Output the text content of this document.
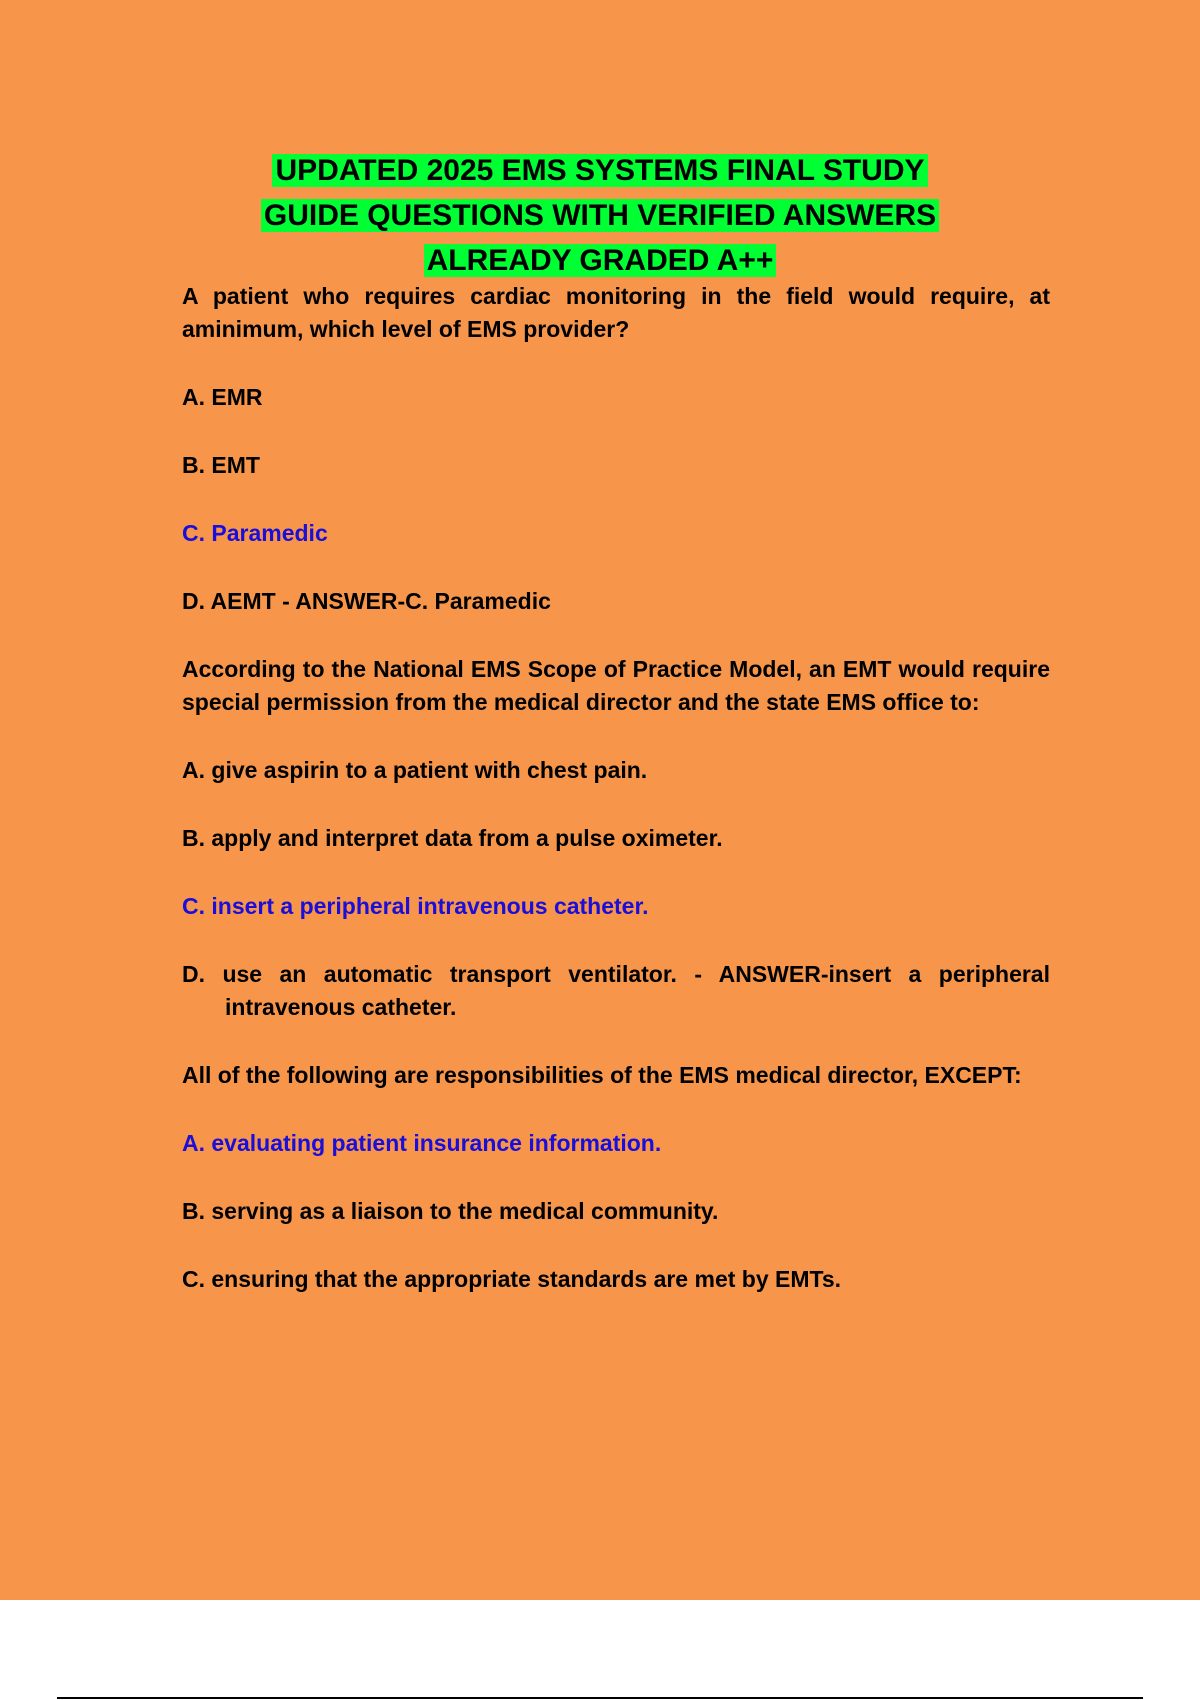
UPDATED 2025 EMS SYSTEMS FINAL STUDY
GUIDE QUESTIONS WITH VERIFIED ANSWERS
ALREADY GRADED A++
A patient who requires cardiac monitoring in the field would require, at aminimum, which level of EMS provider?
A. EMR
B. EMT
C. Paramedic
D. AEMT - ANSWER-C. Paramedic
According to the National EMS Scope of Practice Model, an EMT would require special permission from the medical director and the state EMS office to:
A. give aspirin to a patient with chest pain.
B. apply and interpret data from a pulse oximeter.
C. insert a peripheral intravenous catheter.
D. use an automatic transport ventilator. - ANSWER-insert a peripheral intravenous catheter.
All of the following are responsibilities of the EMS medical director, EXCEPT:
A. evaluating patient insurance information.
B. serving as a liaison to the medical community.
C. ensuring that the appropriate standards are met by EMTs.
